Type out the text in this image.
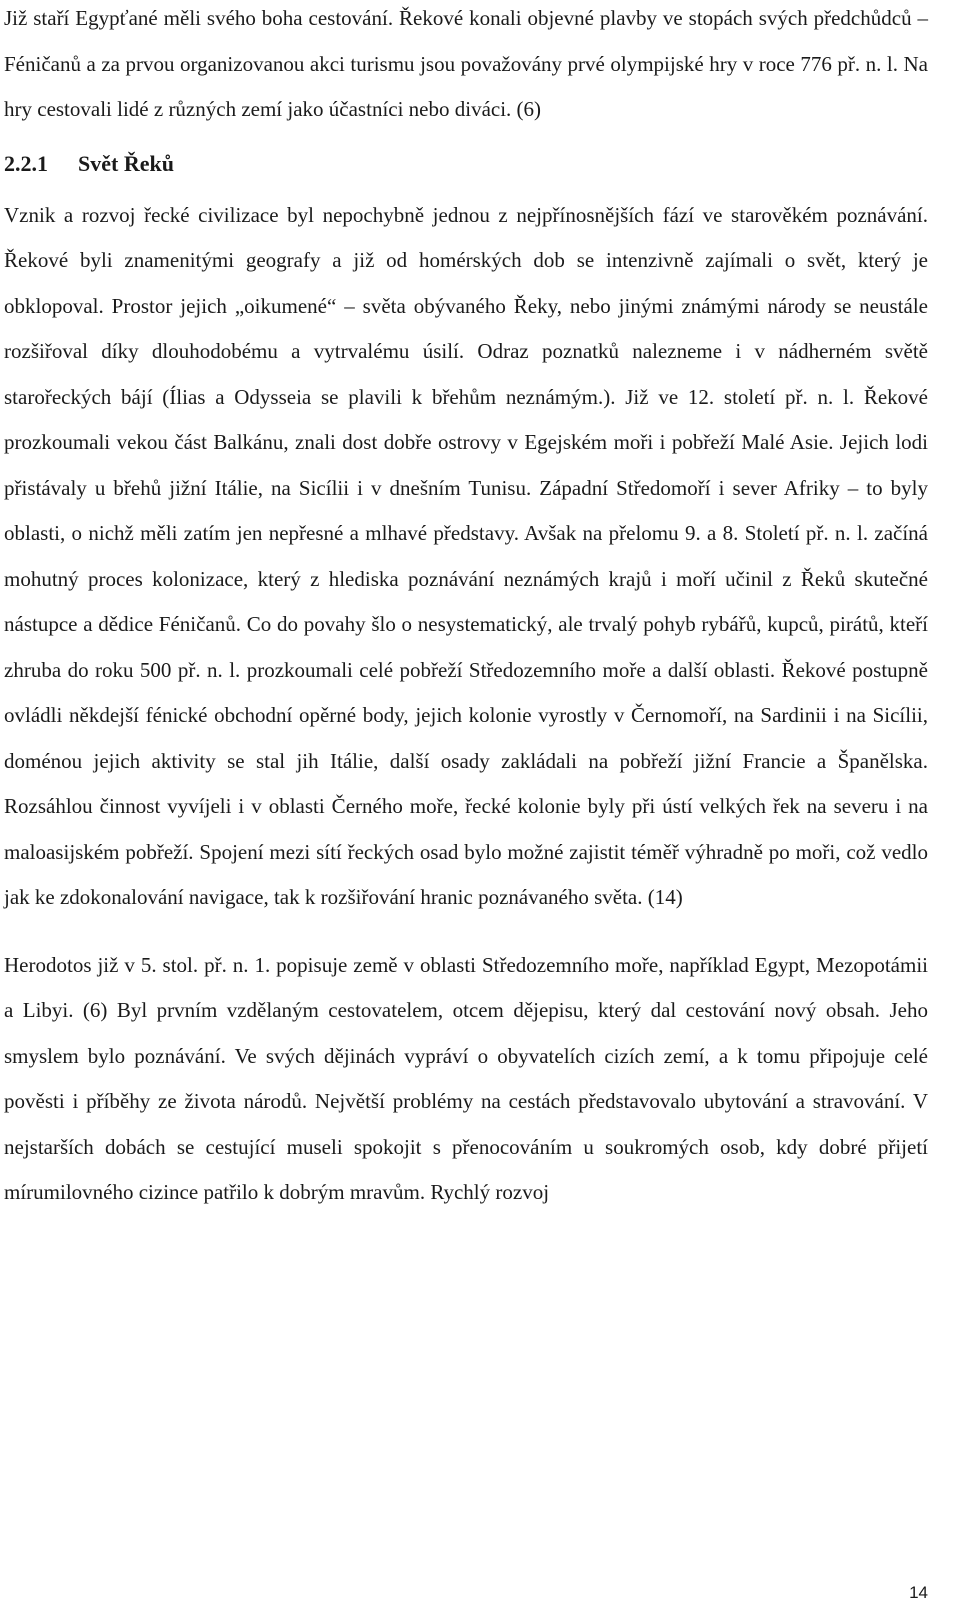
Již staří Egypťané měli svého boha cestování. Řekové konali objevné plavby ve stopách svých předchůdců – Féničanů a za prvou organizovanou akci turismu jsou považovány prvé olympijské hry v roce 776 př. n. l. Na hry cestovali lidé z různých zemí jako účastníci nebo diváci. (6)

2.2.1 Svět Řeků

Vznik a rozvoj řecké civilizace byl nepochybně jednou z nejpřínosnějších fází ve starověkém poznávání. Řekové byli znamenitými geografy a již od homérských dob se intenzivně zajímali o svět, který je obklopoval. Prostor jejich „oikumené“ – světa obývaného Řeky, nebo jinými známými národy se neustále rozšiřoval díky dlouhodobému a vytrvalému úsilí. Odraz poznatků nalezneme i v nádherném světě starořeckých bájí (Ílias a Odysseia se plavili k břehům neznámým.). Již ve 12. století př. n. l. Řekové prozkoumali vekou část Balkánu, znali dost dobře ostrovy v Egejském moři i pobřeží Malé Asie. Jejich lodi přistávaly u břehů jižní Itálie, na Sicílii i v dnešním Tunisu. Západní Středomoří i sever Afriky – to byly oblasti, o nichž měli zatím jen nepřesné a mlhavé představy. Avšak na přelomu 9. a 8. Století př. n. l. začíná mohutný proces kolonizace, který z hlediska poznávání neznámých krajů i moří učinil z Řeků skutečné nástupce a dědice Féničanů. Co do povahy šlo o nesystematický, ale trvalý pohyb rybářů, kupců, pirátů, kteří zhruba do roku 500 př. n. l. prozkoumali celé pobřeží Středozemního moře a další oblasti. Řekové postupně ovládli někdejší fénické obchodní opěrné body, jejich kolonie vyrostly v Černomoří, na Sardinii i na Sicílii, doménou jejich aktivity se stal jih Itálie, další osady zakládali na pobřeží jižní Francie a Španělska. Rozsáhlou činnost vyvíjeli i v oblasti Černého moře, řecké kolonie byly při ústí velkých řek na severu i na maloasijském pobřeží. Spojení mezi sítí řeckých osad bylo možné zajistit téměř výhradně po moři, což vedlo jak ke zdokonalování navigace, tak k rozšiřování hranic poznávaného světa. (14)

Herodotos již v 5. stol. př. n. 1. popisuje země v oblasti Středozemního moře, například Egypt, Mezopotámii a Libyi. (6) Byl prvním vzdělaným cestovatelem, otcem dějepisu, který dal cestování nový obsah. Jeho smyslem bylo poznávání. Ve svých dějinách vypráví o obyvatelích cizích zemí, a k tomu připojuje celé pověsti i příběhy ze života národů. Největší problémy na cestách představovalo ubytování a stravování. V nejstarších dobách se cestující museli spokojit s přenocováním u soukromých osob, kdy dobré přijetí mírumilovného cizince patřilo k dobrým mravům. Rychlý rozvoj

14
